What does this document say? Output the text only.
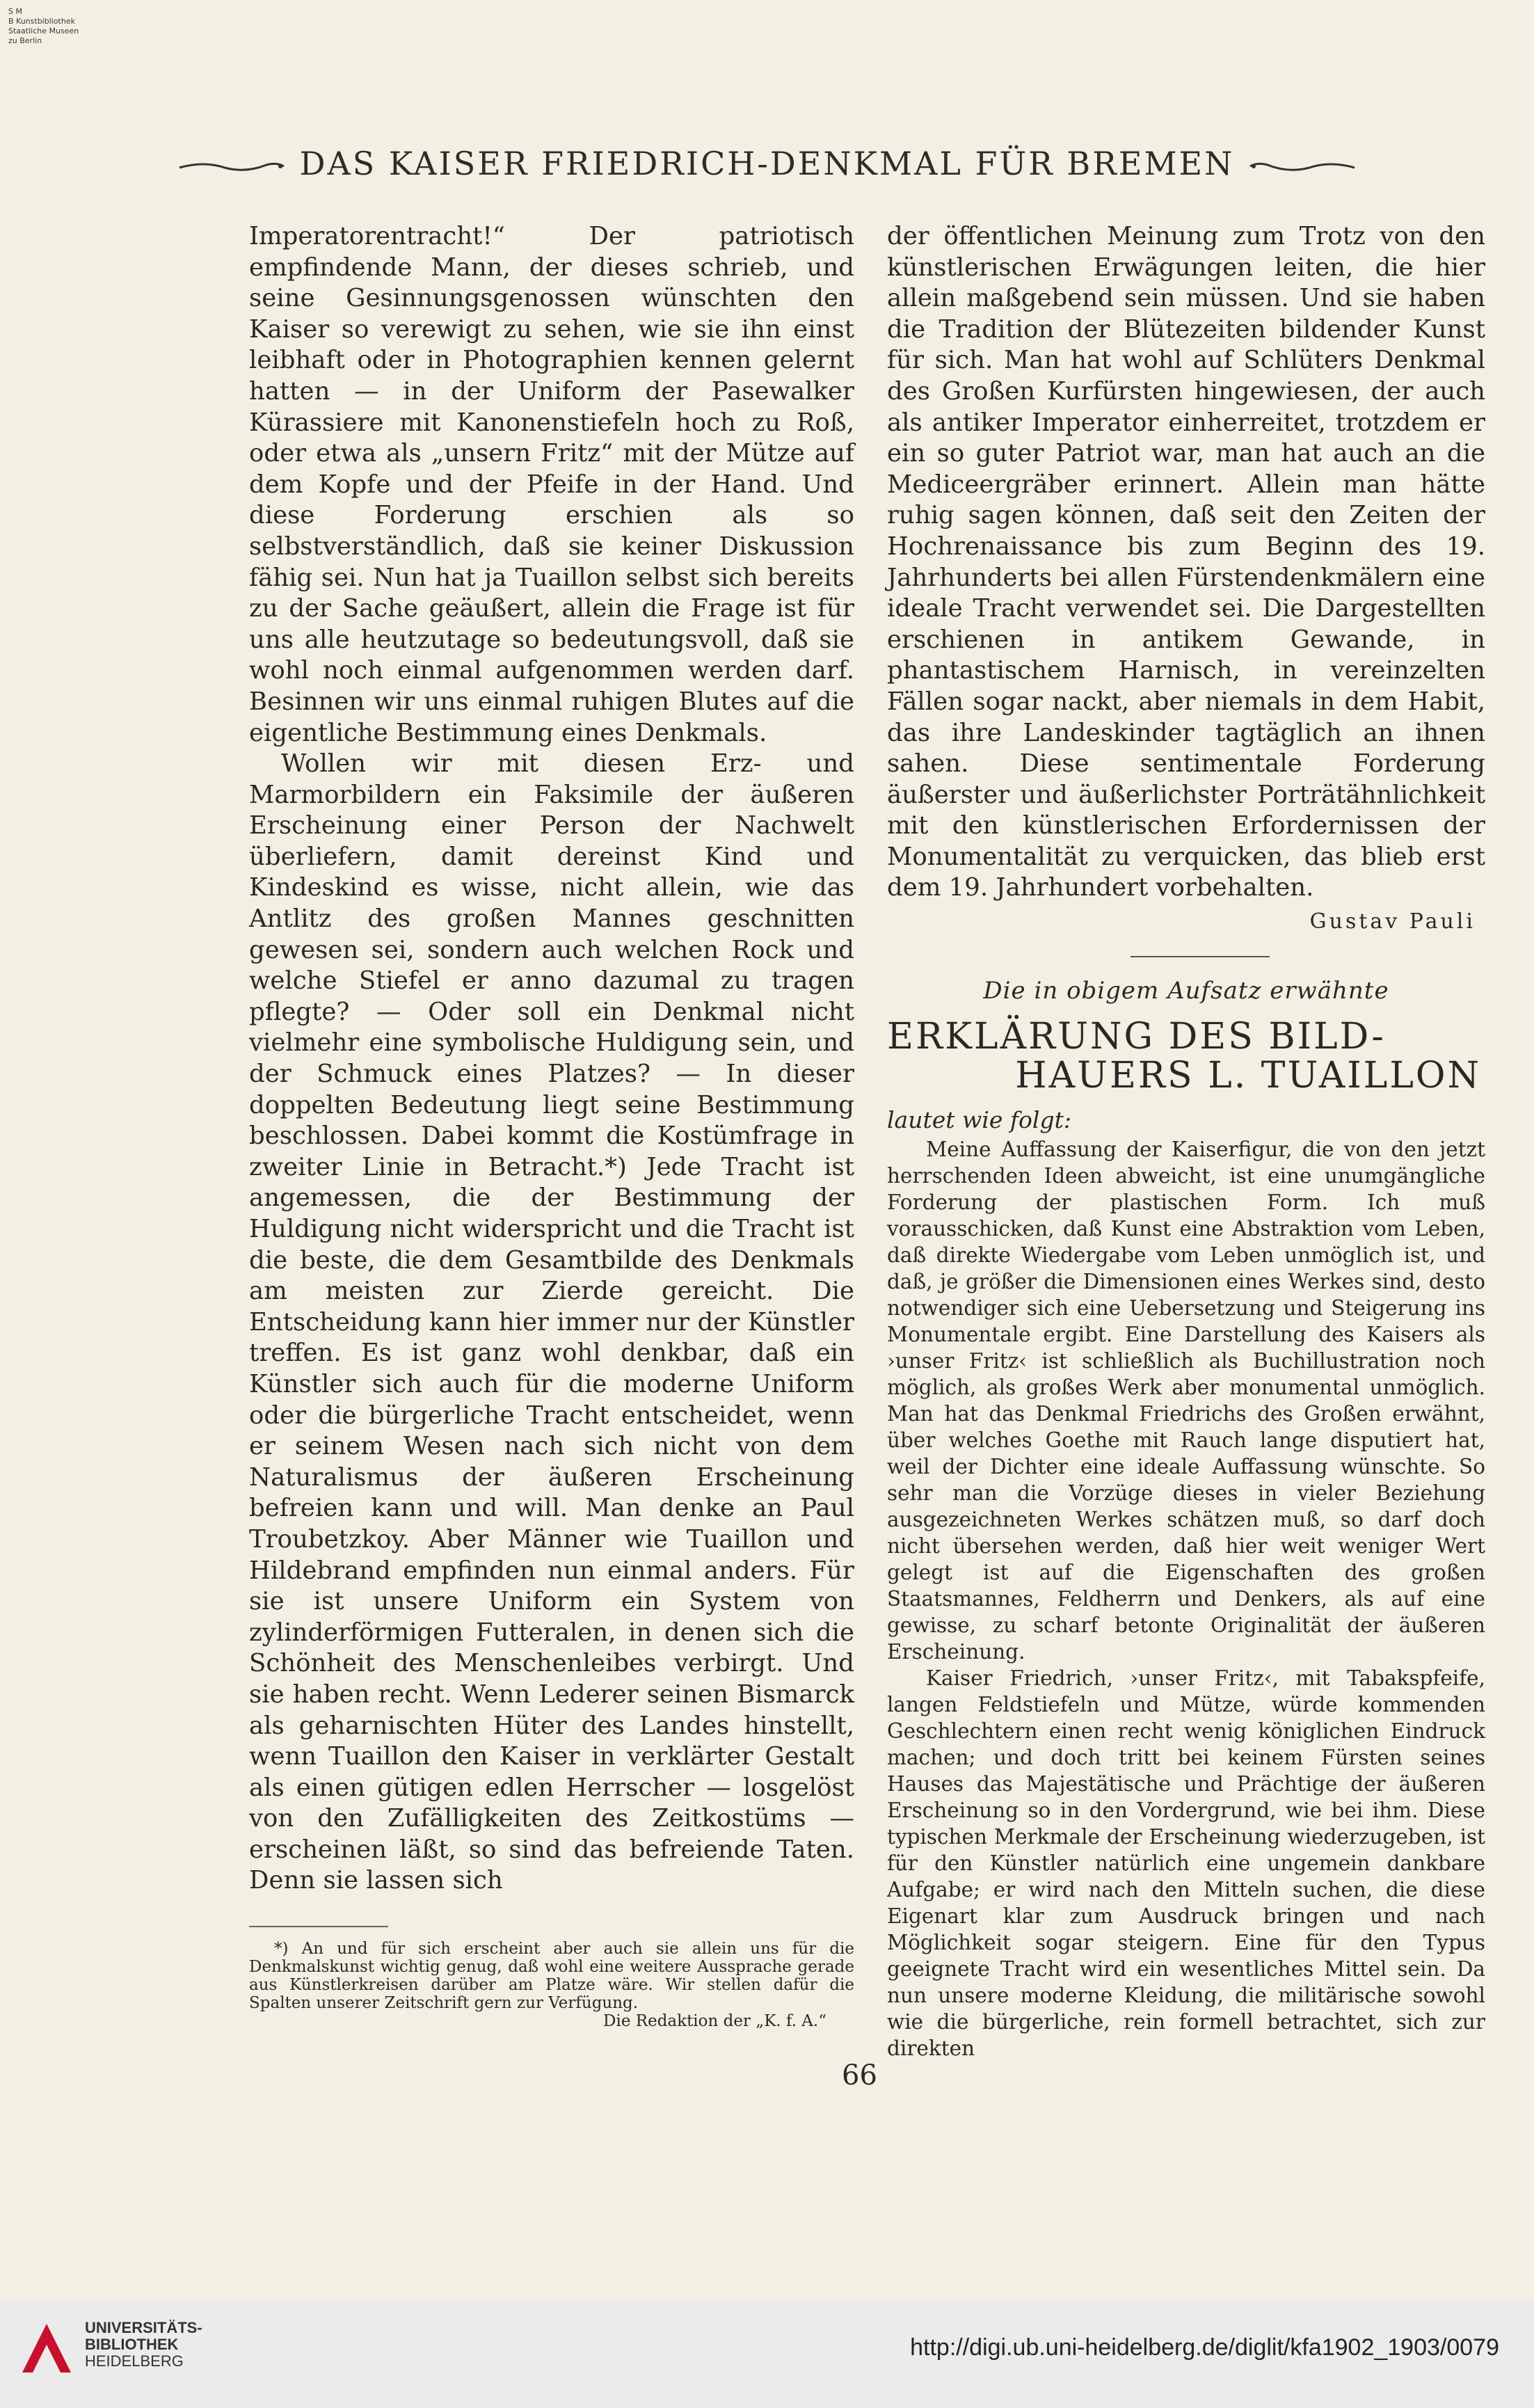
S M
B Kunstbibliothek
Staatliche Museen
zu Berlin
DAS KAISER FRIEDRICH-DENKMAL FÜR BREMEN

Imperatorentracht!“ Der patriotisch empfindende Mann, der dieses schrieb, und seine Gesinnungsgenossen wünschten den Kaiser so verewigt zu sehen, wie sie ihn einst leibhaft oder in Photographien kennen gelernt hatten — in der Uniform der Pasewalker Kürassiere mit Kanonenstiefeln hoch zu Roß, oder etwa als „unsern Fritz“ mit der Mütze auf dem Kopfe und der Pfeife in der Hand. Und diese Forderung erschien als so selbstverständlich, daß sie keiner Diskussion fähig sei. Nun hat ja Tuaillon selbst sich bereits zu der Sache geäußert, allein die Frage ist für uns alle heutzutage so bedeutungsvoll, daß sie wohl noch einmal aufgenommen werden darf. Besinnen wir uns einmal ruhigen Blutes auf die eigentliche Bestimmung eines Denkmals.

Wollen wir mit diesen Erz- und Marmorbildern ein Faksimile der äußeren Erscheinung einer Person der Nachwelt überliefern, damit dereinst Kind und Kindeskind es wisse, nicht allein, wie das Antlitz des großen Mannes geschnitten gewesen sei, sondern auch welchen Rock und welche Stiefel er anno dazumal zu tragen pflegte? — Oder soll ein Denkmal nicht vielmehr eine symbolische Huldigung sein, und der Schmuck eines Platzes? — In dieser doppelten Bedeutung liegt seine Bestimmung beschlossen. Dabei kommt die Kostümfrage in zweiter Linie in Betracht.*) Jede Tracht ist angemessen, die der Bestimmung der Huldigung nicht widerspricht und die Tracht ist die beste, die dem Gesamtbilde des Denkmals am meisten zur Zierde gereicht. Die Entscheidung kann hier immer nur der Künstler treffen. Es ist ganz wohl denkbar, daß ein Künstler sich auch für die moderne Uniform oder die bürgerliche Tracht entscheidet, wenn er seinem Wesen nach sich nicht von dem Naturalismus der äußeren Erscheinung befreien kann und will. Man denke an Paul Troubetzkoy. Aber Männer wie Tuaillon und Hildebrand empfinden nun einmal anders. Für sie ist unsere Uniform ein System von zylinderförmigen Futteralen, in denen sich die Schönheit des Menschenleibes verbirgt. Und sie haben recht. Wenn Lederer seinen Bismarck als geharnischten Hüter des Landes hinstellt, wenn Tuaillon den Kaiser in verklärter Gestalt als einen gütigen edlen Herrscher — losgelöst von den Zufälligkeiten des Zeitkostüms — erscheinen läßt, so sind das befreiende Taten. Denn sie lassen sich

*) An und für sich erscheint aber auch sie allein uns für die Denkmalskunst wichtig genug, daß wohl eine weitere Aussprache gerade aus Künstlerkreisen darüber am Platze wäre. Wir stellen dafür die Spalten unserer Zeitschrift gern zur Verfügung.

Die Redaktion der „K. f. A.“

der öffentlichen Meinung zum Trotz von den künstlerischen Erwägungen leiten, die hier allein maßgebend sein müssen. Und sie haben die Tradition der Blütezeiten bildender Kunst für sich. Man hat wohl auf Schlüters Denkmal des Großen Kurfürsten hingewiesen, der auch als antiker Imperator einherreitet, trotzdem er ein so guter Patriot war, man hat auch an die Mediceergräber erinnert. Allein man hätte ruhig sagen können, daß seit den Zeiten der Hochrenaissance bis zum Beginn des 19. Jahrhunderts bei allen Fürstendenkmälern eine ideale Tracht verwendet sei. Die Dargestellten erschienen in antikem Gewande, in phantastischem Harnisch, in vereinzelten Fällen sogar nackt, aber niemals in dem Habit, das ihre Landeskinder tagtäglich an ihnen sahen. Diese sentimentale Forderung äußerster und äußerlichster Porträtähnlichkeit mit den künstlerischen Erfordernissen der Monumentalität zu verquicken, das blieb erst dem 19. Jahrhundert vorbehalten.

Gustav Pauli
Die in obigem Aufsatz erwähnte
ERKLÄRUNG DES BILD-
HAUERS L. TUAILLON
lautet wie folgt:

Meine Auffassung der Kaiserfigur, die von den jetzt herrschenden Ideen abweicht, ist eine unumgängliche Forderung der plastischen Form. Ich muß vorausschicken, daß Kunst eine Abstraktion vom Leben, daß direkte Wiedergabe vom Leben unmöglich ist, und daß, je größer die Dimensionen eines Werkes sind, desto notwendiger sich eine Uebersetzung und Steigerung ins Monumentale ergibt. Eine Darstellung des Kaisers als ›unser Fritz‹ ist schließlich als Buchillustration noch möglich, als großes Werk aber monumental unmöglich. Man hat das Denkmal Friedrichs des Großen erwähnt, über welches Goethe mit Rauch lange disputiert hat, weil der Dichter eine ideale Auffassung wünschte. So sehr man die Vorzüge dieses in vieler Beziehung ausgezeichneten Werkes schätzen muß, so darf doch nicht übersehen werden, daß hier weit weniger Wert gelegt ist auf die Eigenschaften des großen Staatsmannes, Feldherrn und Denkers, als auf eine gewisse, zu scharf betonte Originalität der äußeren Erscheinung.

Kaiser Friedrich, ›unser Fritz‹, mit Tabakspfeife, langen Feldstiefeln und Mütze, würde kommenden Geschlechtern einen recht wenig königlichen Eindruck machen; und doch tritt bei keinem Fürsten seines Hauses das Majestätische und Prächtige der äußeren Erscheinung so in den Vordergrund, wie bei ihm. Diese typischen Merkmale der Erscheinung wiederzugeben, ist für den Künstler natürlich eine ungemein dankbare Aufgabe; er wird nach den Mitteln suchen, die diese Eigenart klar zum Ausdruck bringen und nach Möglichkeit sogar steigern. Eine für den Typus geeignete Tracht wird ein wesentliches Mittel sein. Da nun unsere moderne Kleidung, die militärische sowohl wie die bürgerliche, rein formell betrachtet, sich zur direkten

66
UNIVERSITÄTS-
BIBLIOTHEK
HEIDELBERG
http://digi.ub.uni-heidelberg.de/diglit/kfa1902_1903/0079
